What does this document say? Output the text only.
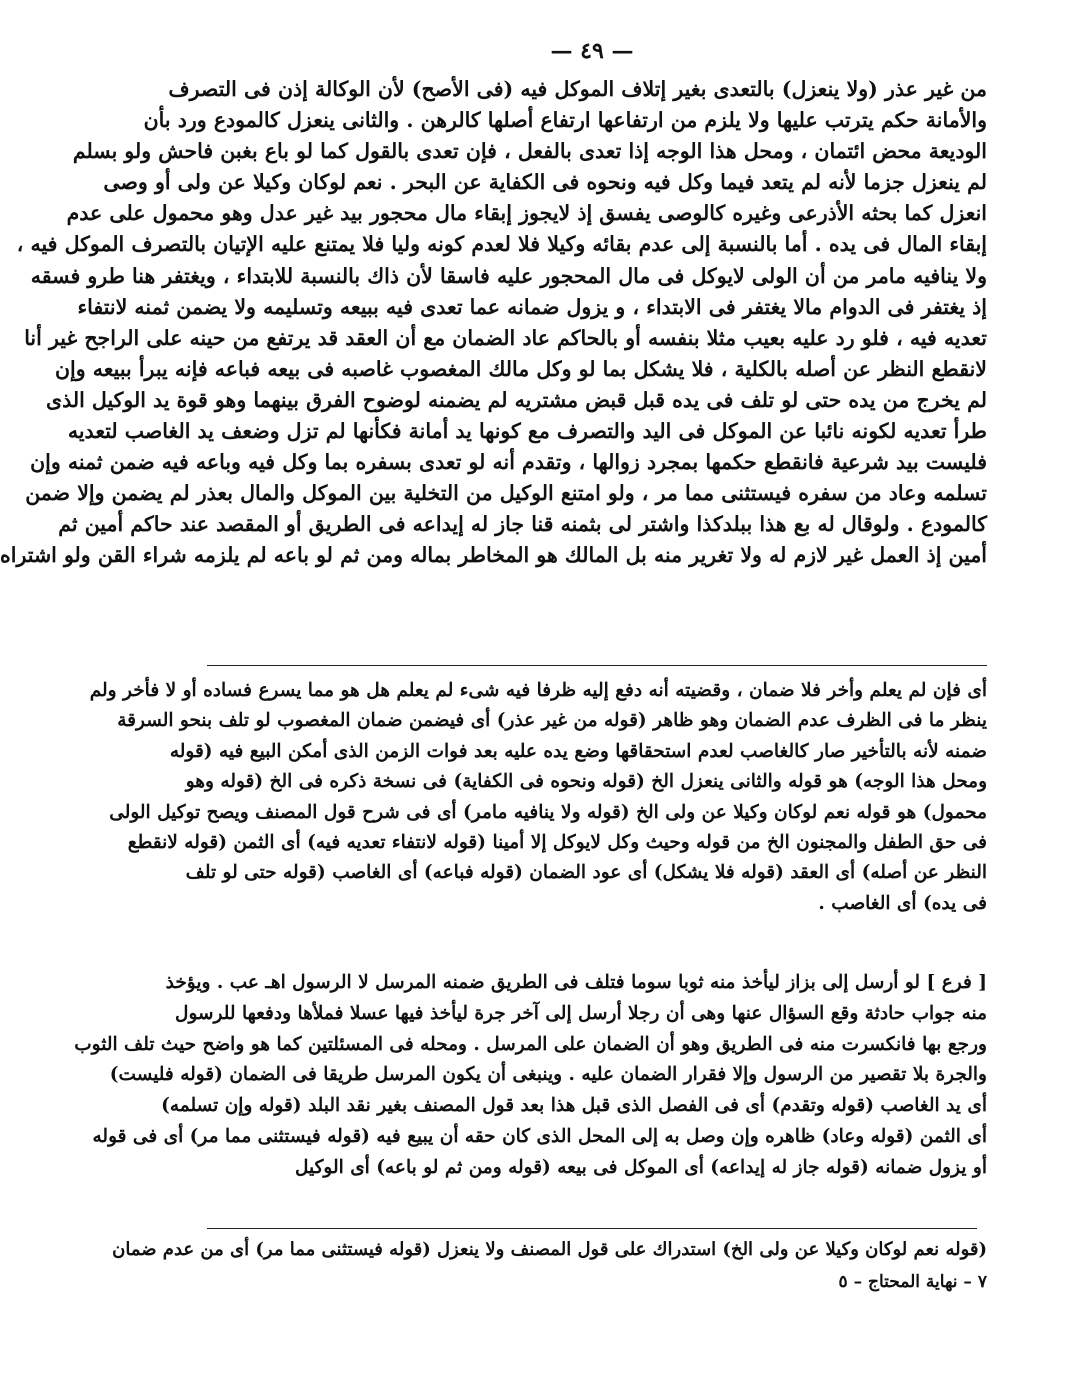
— ٤٩ —

من غير عذر (ولا ينعزل) بالتعدى بغير إتلاف الموكل فيه (فى الأصح) لأن الوكالة إذن فى التصرف

والأمانة حكم يترتب عليها ولا يلزم من ارتفاعها ارتفاع أصلها كالرهن . والثانى ينعزل كالمودع ورد بأن

الوديعة محض ائتمان ، ومحل هذا الوجه إذا تعدى بالفعل ، فإن تعدى بالقول كما لو باع بغبن فاحش ولو بسلم

لم ينعزل جزما لأنه لم يتعد فيما وكل فيه ونحوه فى الكفاية عن البحر . نعم لوكان وكيلا عن ولى أو وصى

انعزل كما بحثه الأذرعى وغيره كالوصى يفسق إذ لايجوز إبقاء مال محجور بيد غير عدل وهو محمول على عدم

إبقاء المال فى يده . أما بالنسبة إلى عدم بقائه وكيلا فلا لعدم كونه وليا فلا يمتنع عليه الإتيان بالتصرف الموكل فيه ،

ولا ينافيه مامر من أن الولى لايوكل فى مال المحجور عليه فاسقا لأن ذاك بالنسبة للابتداء ، ويغتفر هنا طرو فسقه

إذ يغتفر فى الدوام مالا يغتفر فى الابتداء ، و يزول ضمانه عما تعدى فيه ببيعه وتسليمه ولا يضمن ثمنه لانتفاء

تعديه فيه ، فلو رد عليه بعيب مثلا بنفسه أو بالحاكم عاد الضمان مع أن العقد قد يرتفع من حينه على الراجح غير أنا

لانقطع النظر عن أصله بالكلية ، فلا يشكل بما لو وكل مالك المغصوب غاصبه فى بيعه فباعه فإنه يبرأ ببيعه وإن

لم يخرج من يده حتى لو تلف فى يده قبل قبض مشتريه لم يضمنه لوضوح الفرق بينهما وهو قوة يد الوكيل الذى

طرأ تعديه لكونه نائبا عن الموكل فى اليد والتصرف مع كونها يد أمانة فكأنها لم تزل وضعف يد الغاصب لتعديه

فليست بيد شرعية فانقطع حكمها بمجرد زوالها ، وتقدم أنه لو تعدى بسفره بما وكل فيه وباعه فيه ضمن ثمنه وإن

تسلمه وعاد من سفره فيستثنى مما مر ، ولو امتنع الوكيل من التخلية بين الموكل والمال بعذر لم يضمن وإلا ضمن

كالمودع . ولوقال له بع هذا ببلدكذا واشتر لى بثمنه قنا جاز له إيداعه فى الطريق أو المقصد عند حاكم أمين ثم

أمين إذ العمل غير لازم له ولا تغرير منه بل المالك هو المخاطر بماله ومن ثم لو باعه لم يلزمه شراء القن ولو اشتراه

أى فإن لم يعلم وأخر فلا ضمان ، وقضيته أنه دفع إليه ظرفا فيه شىء لم يعلم هل هو مما يسرع فساده أو لا فأخر ولم

ينظر ما فى الظرف عدم الضمان وهو ظاهر (قوله من غير عذر) أى فيضمن ضمان المغصوب لو تلف بنحو السرقة

ضمنه لأنه بالتأخير صار كالغاصب لعدم استحقاقها وضع يده عليه بعد فوات الزمن الذى أمكن البيع فيه (قوله

ومحل هذا الوجه) هو قوله والثانى ينعزل الخ (قوله ونحوه فى الكفاية) فى نسخة ذكره فى الخ (قوله وهو

محمول) هو قوله نعم لوكان وكيلا عن ولى الخ (قوله ولا ينافيه مامر) أى فى شرح قول المصنف ويصح توكيل الولى

فى حق الطفل والمجنون الخ من قوله وحيث وكل لايوكل إلا أمينا (قوله لانتفاء تعديه فيه) أى الثمن (قوله لانقطع

النظر عن أصله) أى العقد (قوله فلا يشكل) أى عود الضمان (قوله فباعه) أى الغاصب (قوله حتى لو تلف

فى يده) أى الغاصب .

[ فرع ] لو أرسل إلى بزاز ليأخذ منه ثوبا سوما فتلف فى الطريق ضمنه المرسل لا الرسول اهـ عب . ويؤخذ

منه جواب حادثة وقع السؤال عنها وهى أن رجلا أرسل إلى آخر جرة ليأخذ فيها عسلا فملأها ودفعها للرسول

ورجع بها فانكسرت منه فى الطريق وهو أن الضمان على المرسل . ومحله فى المسئلتين كما هو واضح حيث تلف الثوب

والجرة بلا تقصير من الرسول وإلا فقرار الضمان عليه . وينبغى أن يكون المرسل طريقا فى الضمان (قوله فليست)

أى يد الغاصب (قوله وتقدم) أى فى الفصل الذى قبل هذا بعد قول المصنف بغير نقد البلد (قوله وإن تسلمه)

أى الثمن (قوله وعاد) ظاهره وإن وصل به إلى المحل الذى كان حقه أن يبيع فيه (قوله فيستثنى مما مر) أى فى قوله

أو يزول ضمانه (قوله جاز له إيداعه) أى الموكل فى بيعه (قوله ومن ثم لو باعه) أى الوكيل

(قوله نعم لوكان وكيلا عن ولى الخ) استدراك على قول المصنف ولا ينعزل (قوله فيستثنى مما مر) أى من عدم ضمان

٧ – نهاية المحتاج – ٥
